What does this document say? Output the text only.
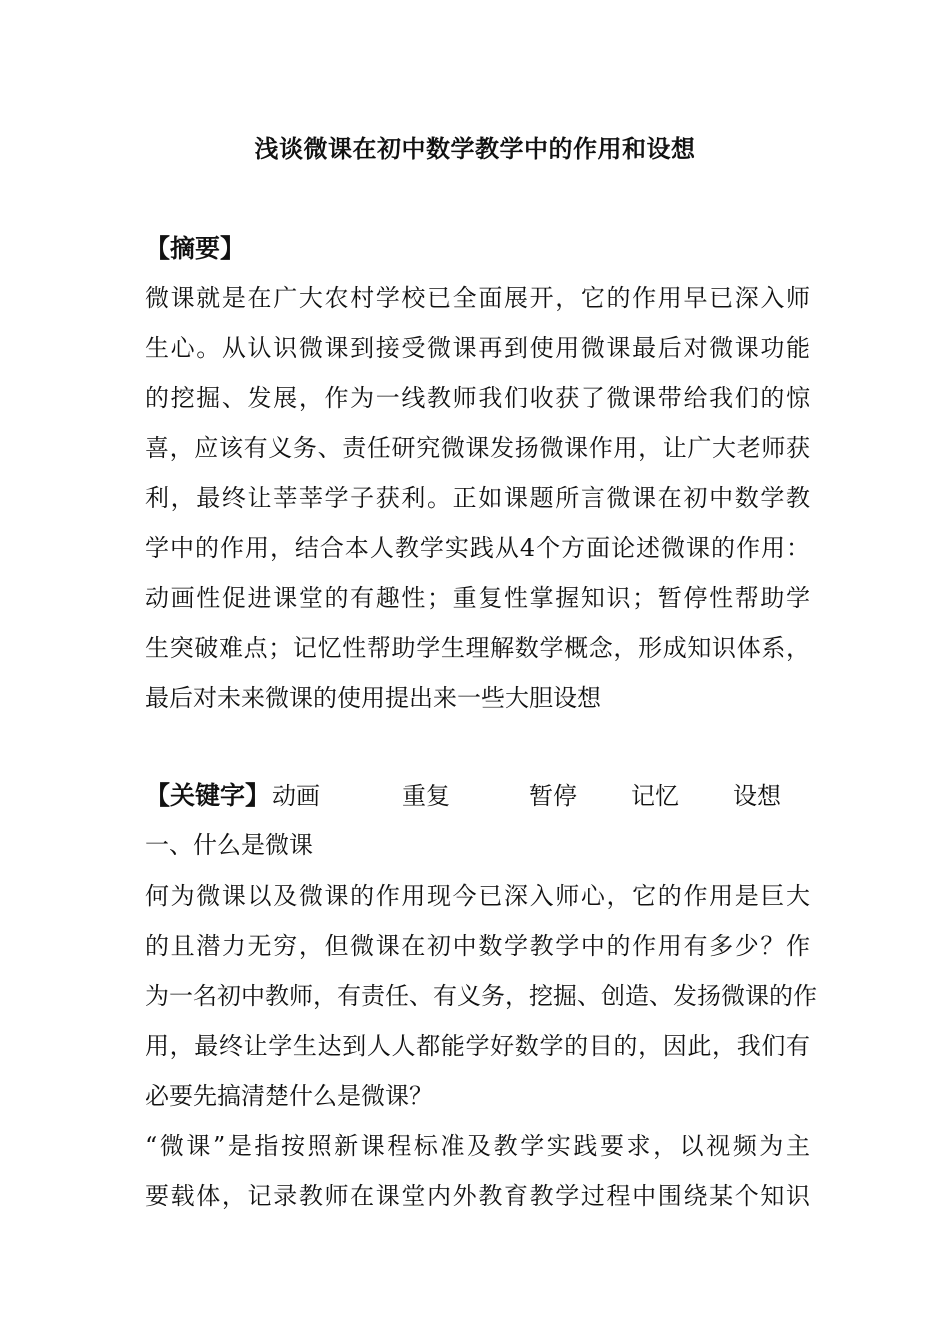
浅谈微课在初中数学教学中的作用和设想
【摘要】
微课就是在广大农村学校已全面展开，它的作用早已深入师
生心。从认识微课到接受微课再到使用微课最后对微课功能
的挖掘、发展，作为一线教师我们收获了微课带给我们的惊
喜，应该有义务、责任研究微课发扬微课作用，让广大老师获
利，最终让莘莘学子获利。正如课题所言微课在初中数学教
学中的作用，结合本人教学实践从4个方面论述微课的作用：
动画性促进课堂的有趣性；重复性掌握知识；暂停性帮助学
生突破难点；记忆性帮助学生理解数学概念，形成知识体系，
最后对未来微课的使用提出来一些大胆设想
【关键字】 动画	重复	暂停 记忆 设想
一、什么是微课
何为微课以及微课的作用现今已深入师心，它的作用是巨大
的且潜力无穷，但微课在初中数学教学中的作用有多少？作
为一名初中教师，有责任、有义务，挖掘、创造、发扬微课的作
用，最终让学生达到人人都能学好数学的目的，因此，我们有
必要先搞清楚什么是微课？
“微课”是指按照新课程标准及教学实践要求，以视频为主
要载体，记录教师在课堂内外教育教学过程中围绕某个知识
